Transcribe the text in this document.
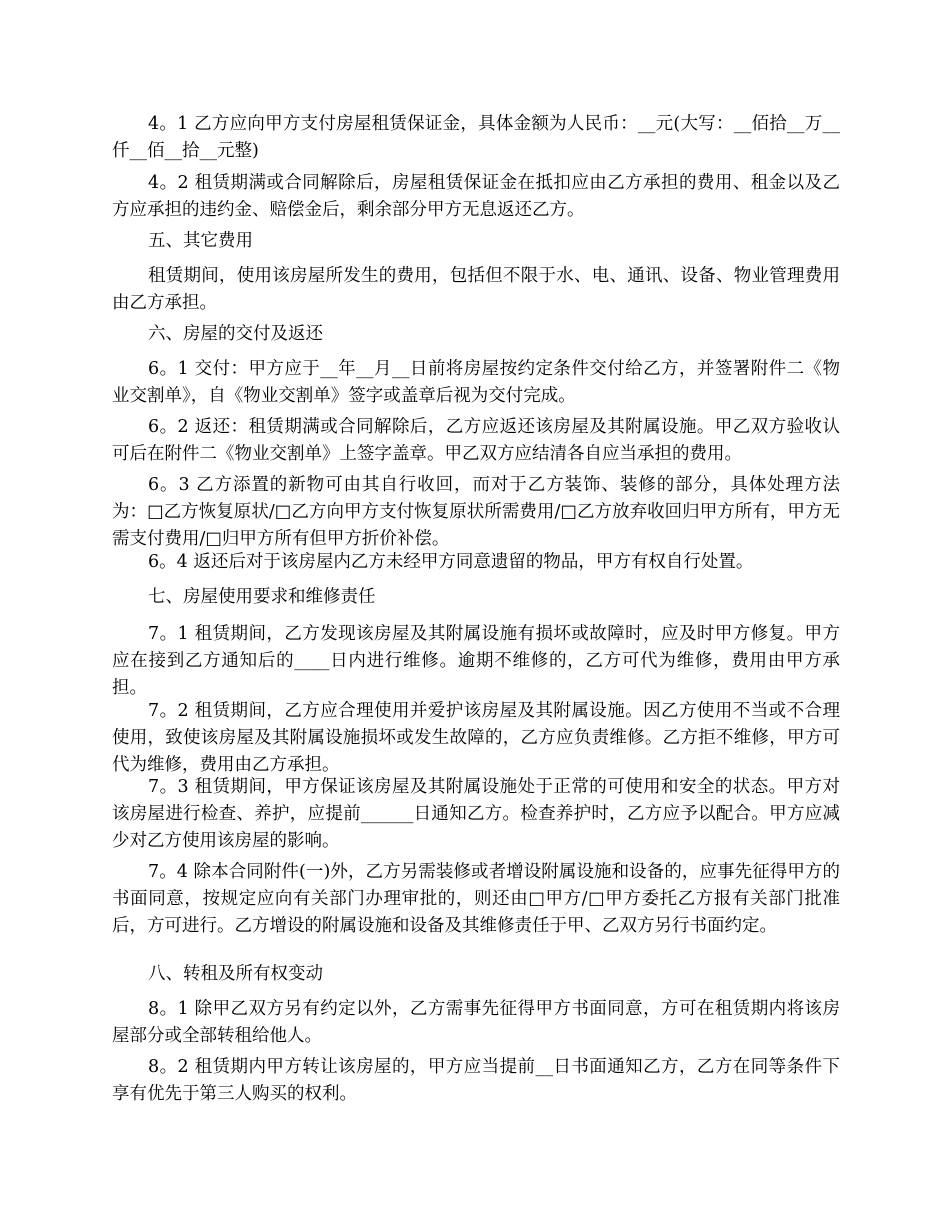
4。1 乙方应向甲方支付房屋租赁保证金，具体金额为人民币：__元(大写：__佰拾__万__仟__佰__拾__元整)

4。2 租赁期满或合同解除后，房屋租赁保证金在抵扣应由乙方承担的费用、租金以及乙方应承担的违约金、赔偿金后，剩余部分甲方无息返还乙方。

五、其它费用

租赁期间，使用该房屋所发生的费用，包括但不限于水、电、通讯、设备、物业管理费用由乙方承担。

六、房屋的交付及返还

6。1 交付：甲方应于__年__月__日前将房屋按约定条件交付给乙方，并签署附件二《物业交割单》，自《物业交割单》签字或盖章后视为交付完成。

6。2 返还：租赁期满或合同解除后，乙方应返还该房屋及其附属设施。甲乙双方验收认可后在附件二《物业交割单》上签字盖章。甲乙双方应结清各自应当承担的费用。

6。3 乙方添置的新物可由其自行收回，而对于乙方装饰、装修的部分，具体处理方法为：□乙方恢复原状/□乙方向甲方支付恢复原状所需费用/□乙方放弃收回归甲方所有，甲方无需支付费用/□归甲方所有但甲方折价补偿。

6。4 返还后对于该房屋内乙方未经甲方同意遗留的物品，甲方有权自行处置。

七、房屋使用要求和维修责任

7。1 租赁期间，乙方发现该房屋及其附属设施有损坏或故障时，应及时甲方修复。甲方应在接到乙方通知后的____日内进行维修。逾期不维修的，乙方可代为维修，费用由甲方承担。

7。2 租赁期间，乙方应合理使用并爱护该房屋及其附属设施。因乙方使用不当或不合理使用，致使该房屋及其附属设施损坏或发生故障的，乙方应负责维修。乙方拒不维修，甲方可代为维修，费用由乙方承担。

7。3 租赁期间，甲方保证该房屋及其附属设施处于正常的可使用和安全的状态。甲方对该房屋进行检查、养护，应提前______日通知乙方。检查养护时，乙方应予以配合。甲方应减少对乙方使用该房屋的影响。

7。4 除本合同附件(一)外，乙方另需装修或者增设附属设施和设备的，应事先征得甲方的书面同意，按规定应向有关部门办理审批的，则还由□甲方/□甲方委托乙方报有关部门批准后，方可进行。乙方增设的附属设施和设备及其维修责任于甲、乙双方另行书面约定。

八、转租及所有权变动

8。1 除甲乙双方另有约定以外，乙方需事先征得甲方书面同意，方可在租赁期内将该房屋部分或全部转租给他人。

8。2 租赁期内甲方转让该房屋的，甲方应当提前__日书面通知乙方，乙方在同等条件下享有优先于第三人购买的权利。
